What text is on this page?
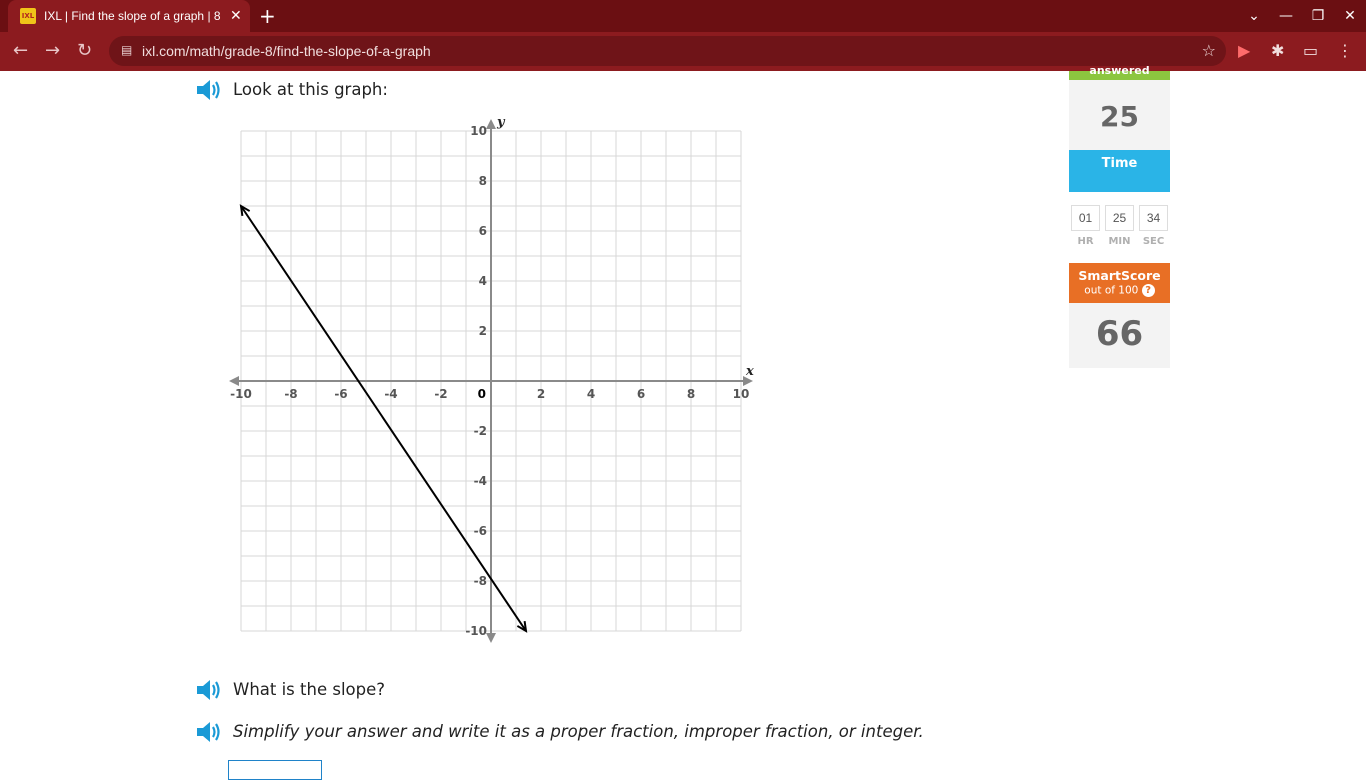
IXL IXL | Find the slope of a graph | 8 ✕ +	⌄	—	❐	✕
← → ↻ ▤ ixl.com/math/grade-8/find-the-slope-of-a-graph	☆ ▶ ✱ ▭ ⋮
Look at this graph:
x
y
-10	-8	-6	-4	-2	2	4	6	8	10
10
8
6
4
2
-2
-4
-6
-8
-10
0
What is the slope?
Simplify your answer and write it as a proper fraction, improper fraction, or integer.
answered
25
Time

elapsed
01
HR
25
MIN
34
SEC
SmartScore
out of 100 ?
66
